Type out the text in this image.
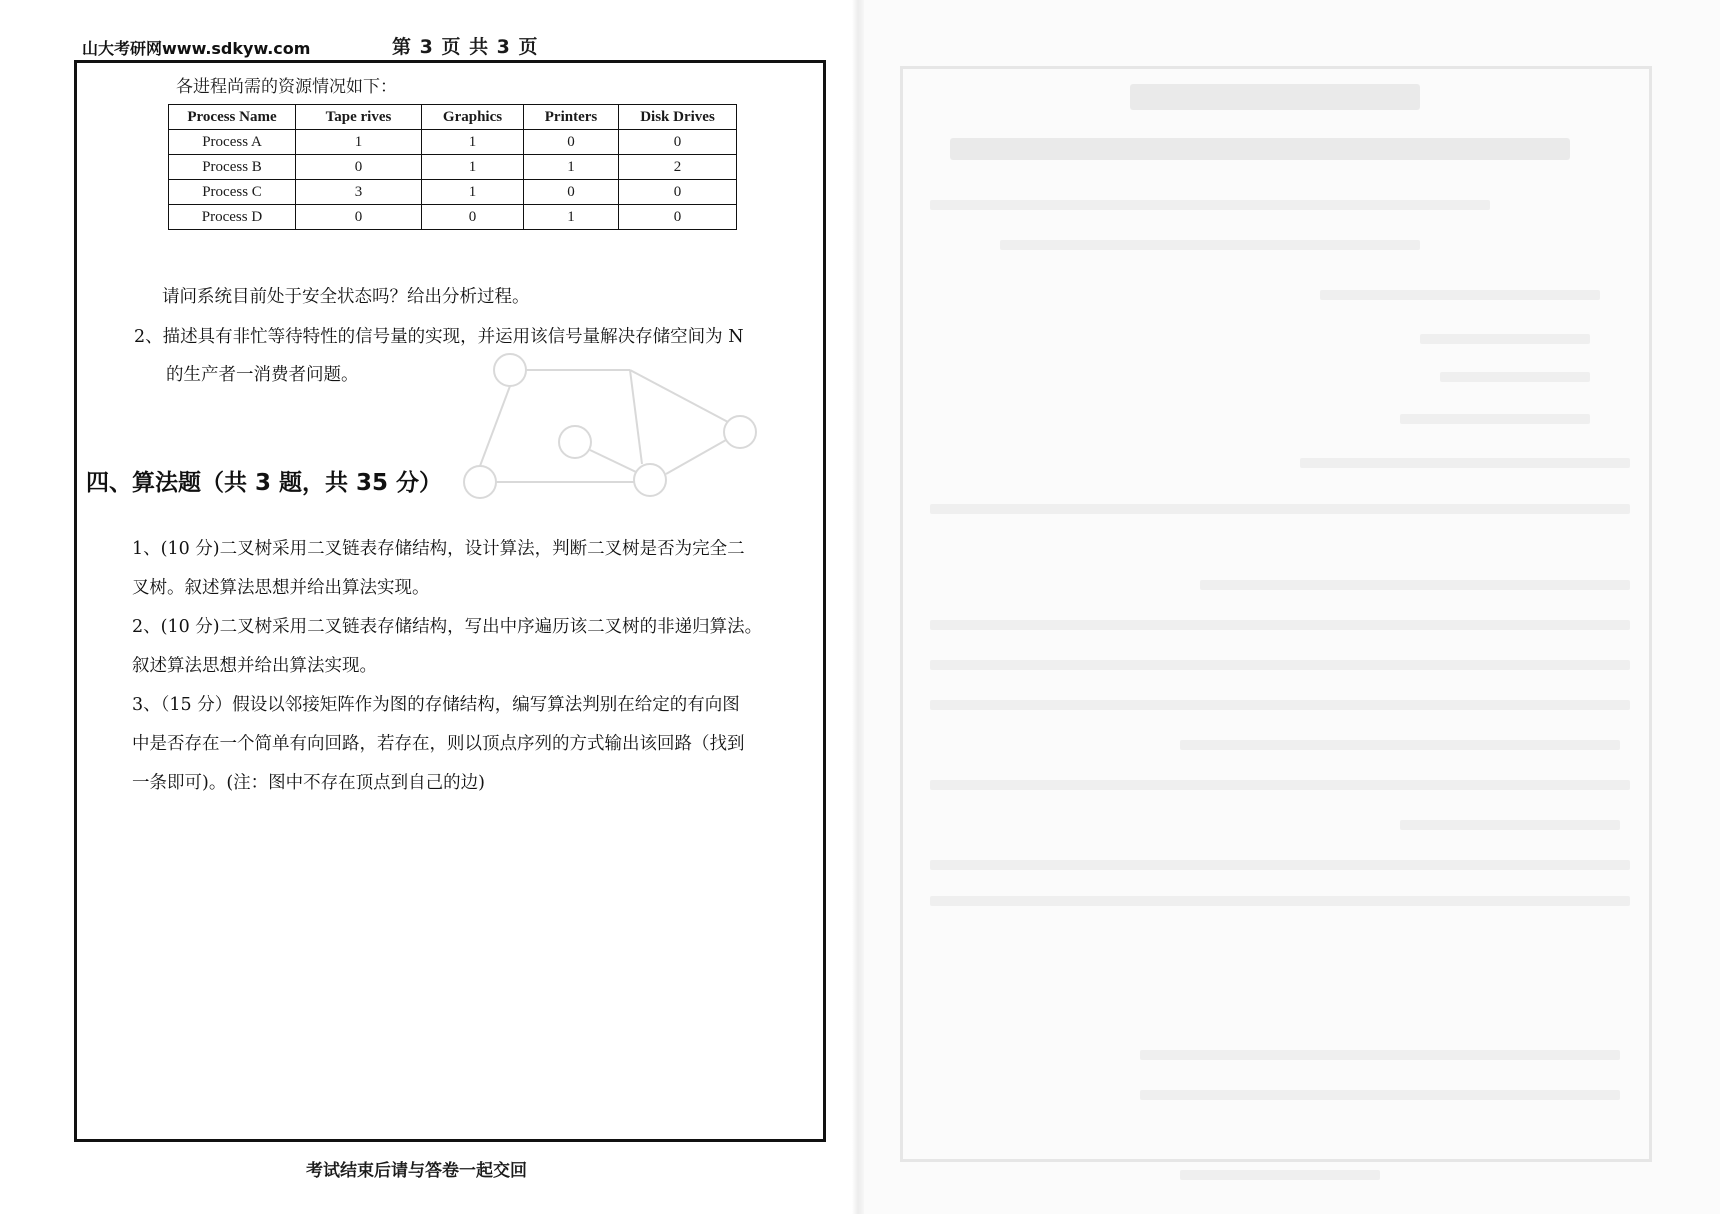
山大考研网www.sdkyw.com	第 3 页 共 3 页
各进程尚需的资源情况如下：
Process Name	Tape rives	Graphics	Printers	Disk Drives
Process A	1	1	0	0
Process B	0	1	1	2
Process C	3	1	0	0
Process D	0	0	1	0
请问系统目前处于安全状态吗？给出分析过程。
2、描述具有非忙等待特性的信号量的实现，并运用该信号量解决存储空间为 N
的生产者一消费者问题。
四、算法题（共 3 题，共 35 分）
1、(10 分)二叉树采用二叉链表存储结构，设计算法，判断二叉树是否为完全二
叉树。叙述算法思想并给出算法实现。
2、(10 分)二叉树采用二叉链表存储结构，写出中序遍历该二叉树的非递归算法。
叙述算法思想并给出算法实现。
3、（15 分）假设以邻接矩阵作为图的存储结构，编写算法判别在给定的有向图
中是否存在一个简单有向回路，若存在，则以顶点序列的方式输出该回路（找到
一条即可)。(注：图中不存在顶点到自己的边)
考试结束后请与答卷一起交回
